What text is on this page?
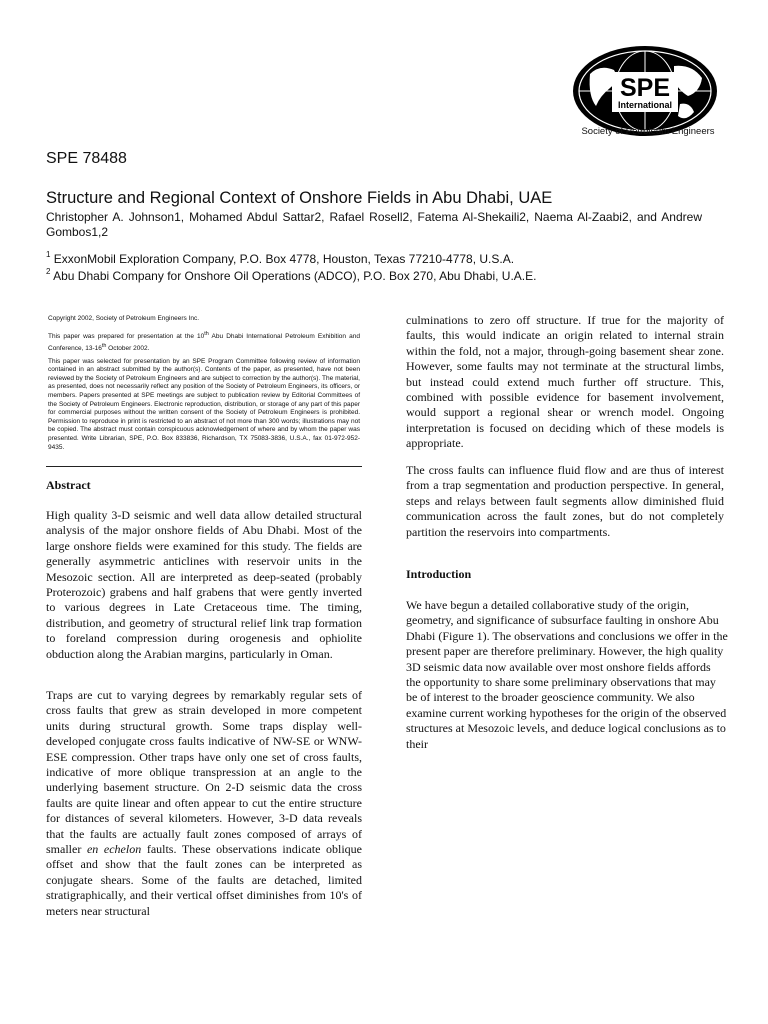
SPE
International
Society of Petroleum Engineers
SPE 78488
Structure and Regional Context of Onshore Fields in Abu Dhabi, UAE
Christopher A. Johnson1, Mohamed Abdul Sattar2, Rafael Rosell2, Fatema Al-Shekaili2, Naema Al-Zaabi2, and Andrew Gombos1,2
$^1$ ExxonMobil Exploration Company, P.O. Box 4778, Houston, Texas 77210-4778, U.S.A.
$^2$ Abu Dhabi Company for Onshore Oil Operations (ADCO), P.O. Box 270, Abu Dhabi, U.A.E.

Copyright 2002, Society of Petroleum Engineers Inc.

This paper was prepared for presentation at the 10th Abu Dhabi International Petroleum Exhibition and Conference, 13-16th October 2002.

This paper was selected for presentation by an SPE Program Committee following review of information contained in an abstract submitted by the author(s). Contents of the paper, as presented, have not been reviewed by the Society of Petroleum Engineers and are subject to correction by the author(s). The material, as presented, does not necessarily reflect any position of the Society of Petroleum Engineers, its officers, or members. Papers presented at SPE meetings are subject to publication review by Editorial Committees of the Society of Petroleum Engineers. Electronic reproduction, distribution, or storage of any part of this paper for commercial purposes without the written consent of the Society of Petroleum Engineers is prohibited. Permission to reproduce in print is restricted to an abstract of not more than 300 words; illustrations may not be copied. The abstract must contain conspicuous acknowledgement of where and by whom the paper was presented. Write Librarian, SPE, P.O. Box 833836, Richardson, TX 75083-3836, U.S.A., fax 01-972-952-9435.

Abstract

High quality 3-D seismic and well data allow detailed structural analysis of the major onshore fields of Abu Dhabi. Most of the large onshore fields were examined for this study. The fields are generally asymmetric anticlines with reservoir units in the Mesozoic section. All are interpreted as deep-seated (probably Proterozoic) grabens and half grabens that were gently inverted to various degrees in Late Cretaceous time. The timing, distribution, and geometry of structural relief link trap formation to foreland compression during orogenesis and ophiolite obduction along the Arabian margins, particularly in Oman.

Traps are cut to varying degrees by remarkably regular sets of cross faults that grew as strain developed in more competent units during structural growth. Some traps display well-developed conjugate cross faults indicative of NW-SE or WNW-ESE compression. Other traps have only one set of cross faults, indicative of more oblique transpression at an angle to the underlying basement structure. On 2-D seismic data the cross faults are quite linear and often appear to cut the entire structure for distances of several kilometers. However, 3-D data reveals that the faults are actually fault zones composed of arrays of smaller en echelon faults. These observations indicate oblique offset and show that the fault zones can be interpreted as conjugate shears. Some of the faults are detached, limited stratigraphically, and their vertical offset diminishes from 10's of meters near structural

culminations to zero off structure. If true for the majority of faults, this would indicate an origin related to internal strain within the fold, not a major, through-going basement shear zone. However, some faults may not terminate at the structural limbs, but instead could extend much further off structure. This, combined with possible evidence for basement involvement, would support a regional shear or wrench model. Ongoing interpretation is focused on deciding which of these models is appropriate.

The cross faults can influence fluid flow and are thus of interest from a trap segmentation and production perspective. In general, steps and relays between fault segments allow diminished fluid communication across the fault zones, but do not completely partition the reservoirs into compartments.

Introduction

We have begun a detailed collaborative study of the origin, geometry, and significance of subsurface faulting in onshore Abu Dhabi (Figure 1). The observations and conclusions we offer in the present paper are therefore preliminary. However, the high quality 3D seismic data now available over most onshore fields affords the opportunity to share some preliminary observations that may be of interest to the broader geoscience community. We also examine current working hypotheses for the origin of the observed structures at Mesozoic levels, and deduce logical conclusions as to their
